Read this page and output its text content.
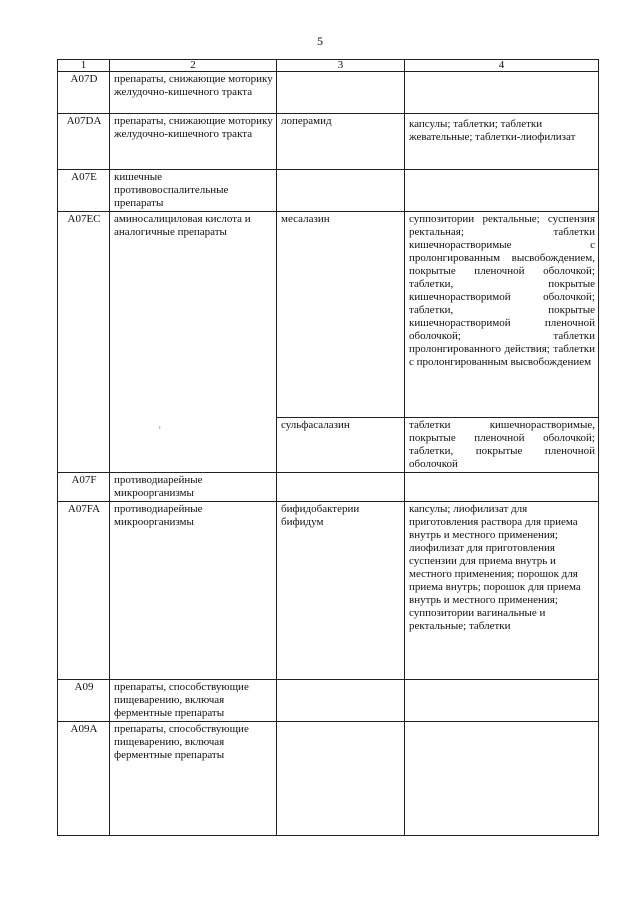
5
1	2	3	4
A07D	препараты, снижающие моторику желудочно-кишечного тракта		
A07DA	препараты, снижающие моторику желудочно-кишечного тракта	лоперамид	капсулы; таблетки; таблетки жевательные; таблетки-лиофилизат
A07E	кишечные противовоспалительные препараты		
A07EC	аминосалициловая кислота и аналогичные препараты	месалазин	суппозитории ректальные; суспензия ректальная; таблетки кишечнорастворимые с пролонгированным высвобождением, покрытые пленочной оболочкой; таблетки, покрытые кишечнорастворимой оболочкой; таблетки, покрытые кишечнорастворимой пленочной оболочкой; таблетки пролонгированного действия; таблетки с пролонгированным высвобождением
		сульфасалазин	таблетки кишечнорастворимые, покрытые пленочной оболочкой; таблетки, покрытые пленочной оболочкой
A07F	противодиарейные микроорганизмы		
A07FA	противодиарейные микроорганизмы	бифидобактерии бифидум	капсулы; лиофилизат для приготовления раствора для приема внутрь и местного применения; лиофилизат для приготовления суспензии для приема внутрь и местного применения; порошок для приема внутрь; порошок для приема внутрь и местного применения; суппозитории вагинальные и ректальные; таблетки
A09	препараты, способствующие пищеварению, включая ферментные препараты		
A09A	препараты, способствующие пищеварению, включая ферментные препараты		
'
